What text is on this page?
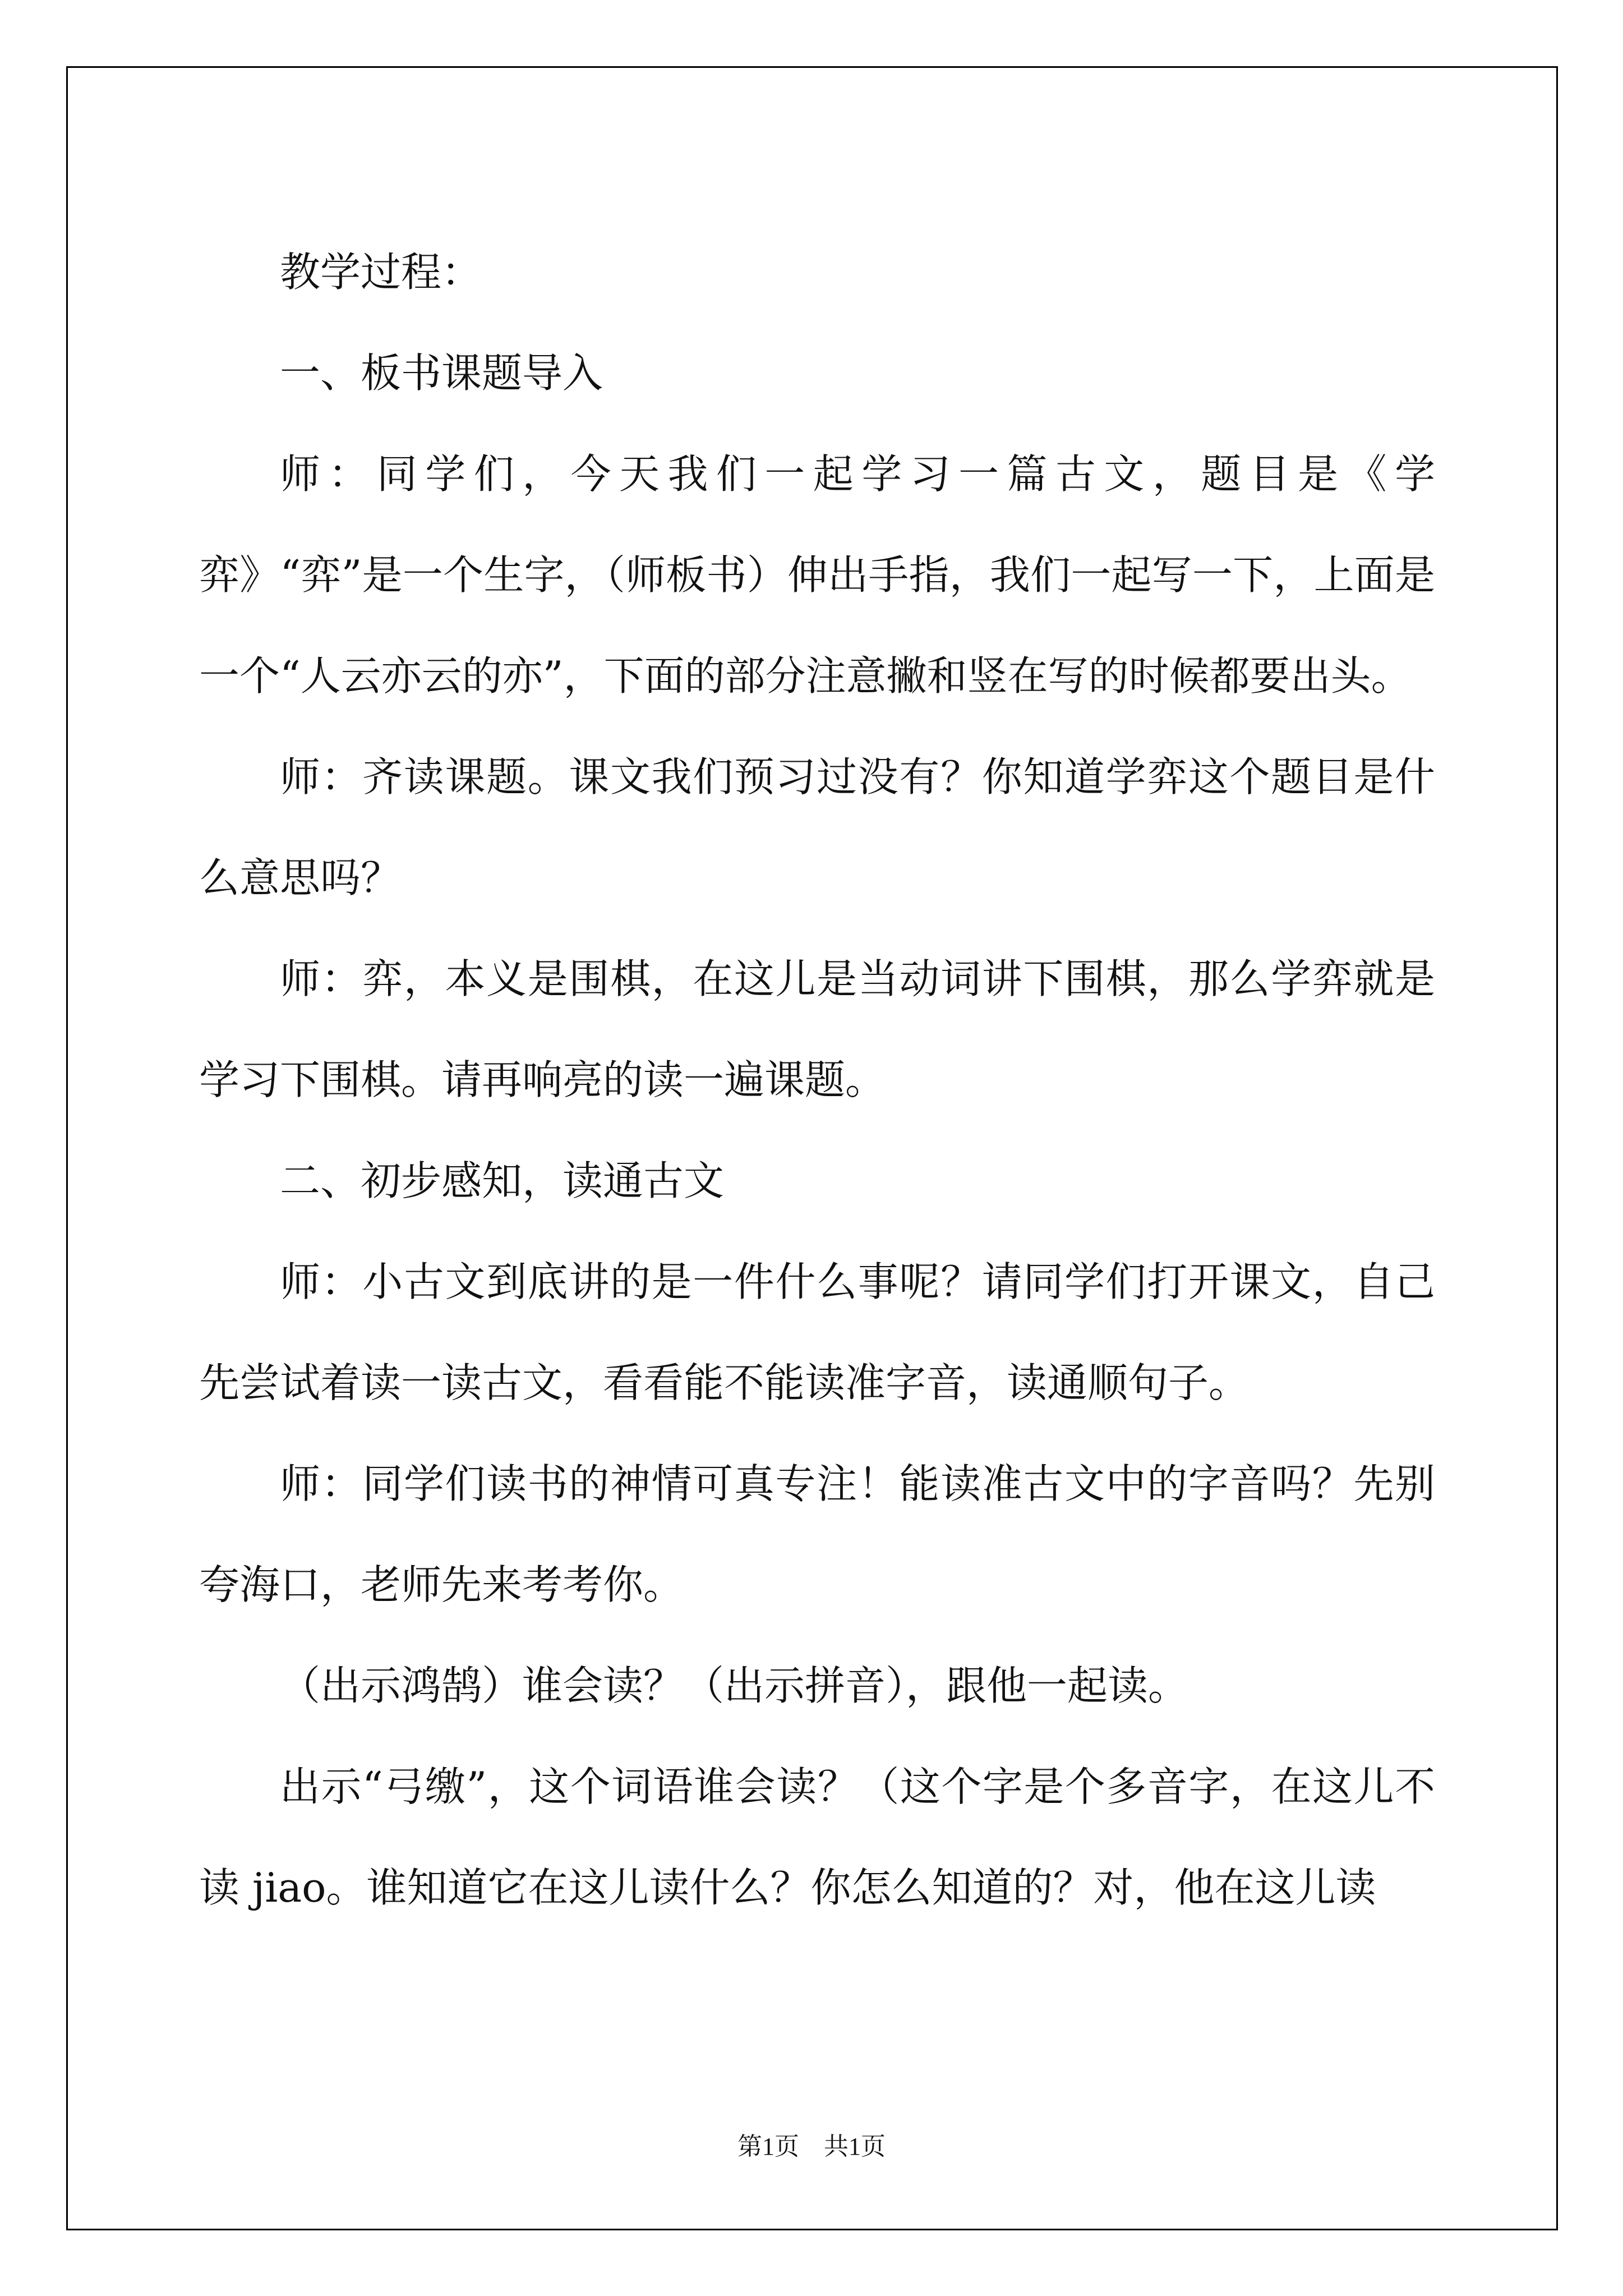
教学过程：

一、板书课题导入

师：同学们，今天我们一起学习一篇古文，题目是《学弈》“弈”是一个生字，（师板书）伸出手指，我们一起写一下，上面是一个“人云亦云的亦”，下面的部分注意撇和竖在写的时候都要出头。

师：齐读课题。课文我们预习过没有？你知道学弈这个题目是什么意思吗？

师：弈，本义是围棋，在这儿是当动词讲下围棋，那么学弈就是学习下围棋。请再响亮的读一遍课题。

二、初步感知，读通古文

师：小古文到底讲的是一件什么事呢？请同学们打开课文，自己先尝试着读一读古文，看看能不能读准字音，读通顺句子。

师：同学们读书的神情可真专注！能读准古文中的字音吗？先别夸海口，老师先来考考你。

（出示鸿鹄）谁会读？（出示拼音），跟他一起读。

出示“弓缴”，这个词语谁会读？（这个字是个多音字，在这儿不读 jiao。谁知道它在这儿读什么？你怎么知道的？对，他在这儿读

第1页　共1页
